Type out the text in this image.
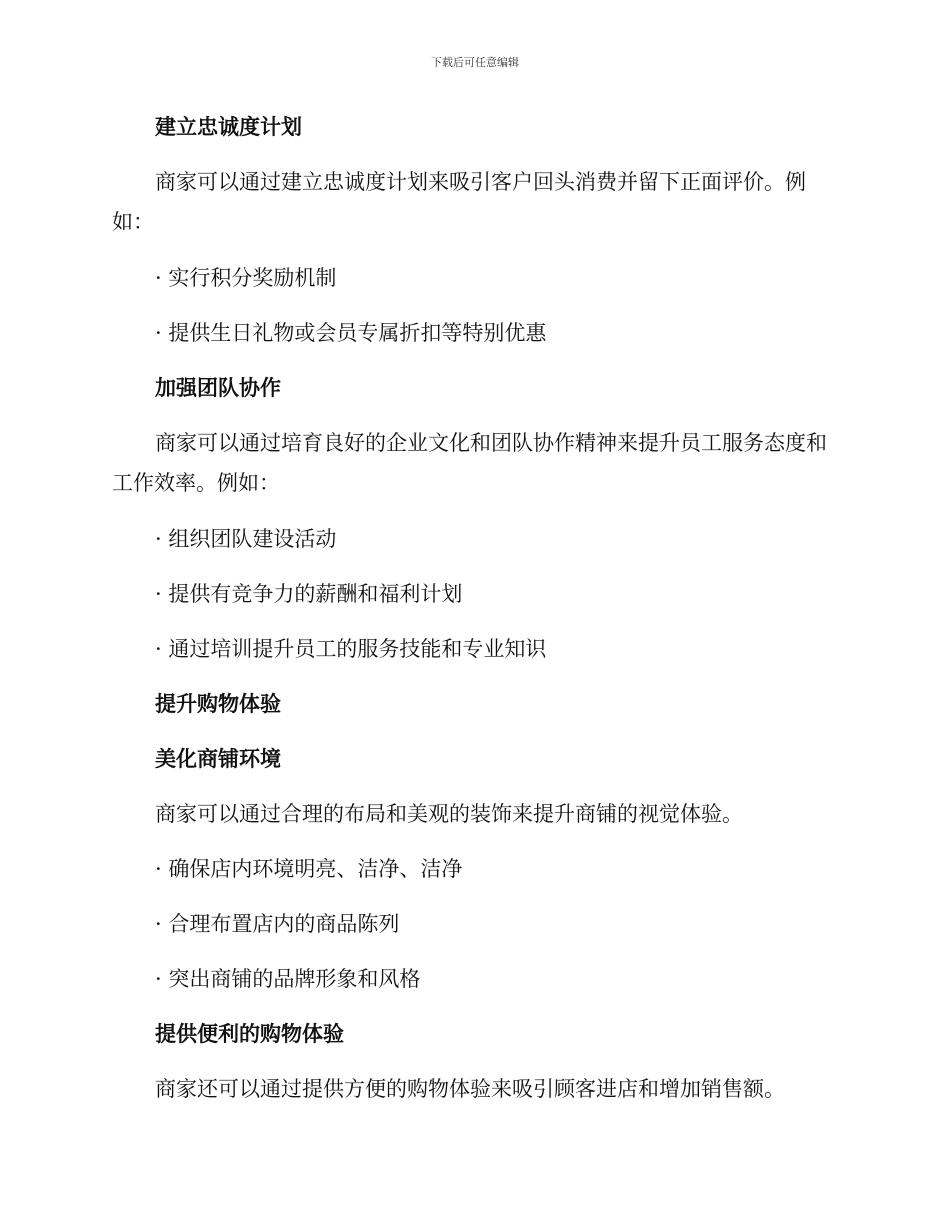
下载后可任意编辑
建立忠诚度计划
商家可以通过建立忠诚度计划来吸引客户回头消费并留下正面评价。例如：
· 实行积分奖励机制
· 提供生日礼物或会员专属折扣等特别优惠
加强团队协作
商家可以通过培育良好的企业文化和团队协作精神来提升员工服务态度和工作效率。例如：
· 组织团队建设活动
· 提供有竞争力的薪酬和福利计划
· 通过培训提升员工的服务技能和专业知识
提升购物体验
美化商铺环境
商家可以通过合理的布局和美观的装饰来提升商铺的视觉体验。
· 确保店内环境明亮、洁净、洁净
· 合理布置店内的商品陈列
· 突出商铺的品牌形象和风格
提供便利的购物体验
商家还可以通过提供方便的购物体验来吸引顾客进店和增加销售额。
